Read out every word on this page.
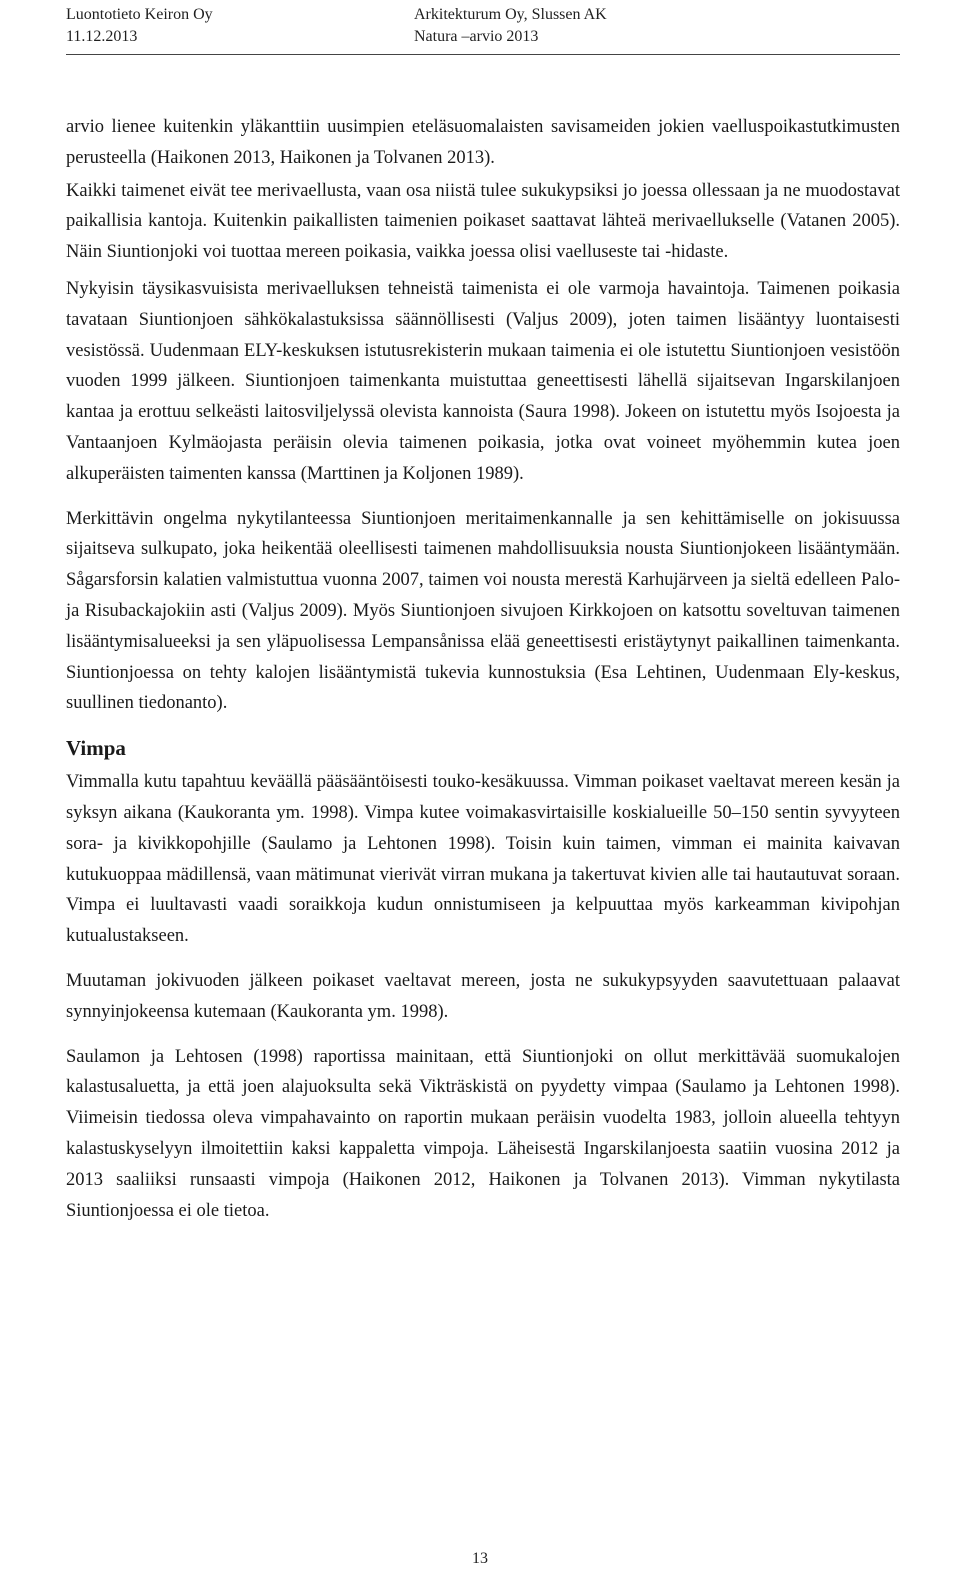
Luontotieto Keiron Oy
11.12.2013
Arkitekturum Oy, Slussen AK
Natura –arvio 2013

arvio lienee kuitenkin yläkanttiin uusimpien eteläsuomalaisten savisameiden jokien vaelluspoikastutkimusten perusteella (Haikonen 2013, Haikonen ja Tolvanen 2013).

Kaikki taimenet eivät tee merivaellusta, vaan osa niistä tulee sukukypsiksi jo joessa ollessaan ja ne muodostavat paikallisia kantoja. Kuitenkin paikallisten taimenien poikaset saattavat lähteä merivaellukselle (Vatanen 2005). Näin Siuntionjoki voi tuottaa mereen poikasia, vaikka joessa olisi vaelluseste tai -hidaste.

Nykyisin täysikasvuisista merivaelluksen tehneistä taimenista ei ole varmoja havaintoja. Taimenen poikasia tavataan Siuntionjoen sähkökalastuksissa säännöllisesti (Valjus 2009), joten taimen lisääntyy luontaisesti vesistössä. Uudenmaan ELY-keskuksen istutusrekisterin mukaan taimenia ei ole istutettu Siuntionjoen vesistöön vuoden 1999 jälkeen. Siuntionjoen taimenkanta muistuttaa geneettisesti lähellä sijaitsevan Ingarskilanjoen kantaa ja erottuu selkeästi laitosviljelyssä olevista kannoista (Saura 1998). Jokeen on istutettu myös Isojoesta ja Vantaanjoen Kylmäojasta peräisin olevia taimenen poikasia, jotka ovat voineet myöhemmin kutea joen alkuperäisten taimenten kanssa (Marttinen ja Koljonen 1989).

Merkittävin ongelma nykytilanteessa Siuntionjoen meritaimenkannalle ja sen kehittämiselle on jokisuussa sijaitseva sulkupato, joka heikentää oleellisesti taimenen mahdollisuuksia nousta Siuntionjokeen lisääntymään. Sågarsforsin kalatien valmistuttua vuonna 2007, taimen voi nousta merestä Karhujärveen ja sieltä edelleen Palo- ja Risubackajokiin asti (Valjus 2009). Myös Siuntionjoen sivujoen Kirkkojoen on katsottu soveltuvan taimenen lisääntymisalueeksi ja sen yläpuolisessa Lempansånissa elää geneettisesti eristäytynyt paikallinen taimenkanta. Siuntionjoessa on tehty kalojen lisääntymistä tukevia kunnostuksia (Esa Lehtinen, Uudenmaan Ely-keskus, suullinen tiedonanto).

Vimpa

Vimmalla kutu tapahtuu keväällä pääsääntöisesti touko-kesäkuussa. Vimman poikaset vaeltavat mereen kesän ja syksyn aikana (Kaukoranta ym. 1998). Vimpa kutee voimakasvirtaisille koskialueille 50–150 sentin syvyyteen sora- ja kivikkopohjille (Saulamo ja Lehtonen 1998). Toisin kuin taimen, vimman ei mainita kaivavan kutukuoppaa mädillensä, vaan mätimunat vierivät virran mukana ja takertuvat kivien alle tai hautautuvat soraan. Vimpa ei luultavasti vaadi soraikkoja kudun onnistumiseen ja kelpuuttaa myös karkeamman kivipohjan kutualustakseen.

Muutaman jokivuoden jälkeen poikaset vaeltavat mereen, josta ne sukukypsyyden saavutettuaan palaavat synnyinjokeensa kutemaan (Kaukoranta ym. 1998).

Saulamon ja Lehtosen (1998) raportissa mainitaan, että Siuntionjoki on ollut merkittävää suomukalojen kalastusaluetta, ja että joen alajuoksulta sekä Vikträskistä on pyydetty vimpaa (Saulamo ja Lehtonen 1998). Viimeisin tiedossa oleva vimpahavainto on raportin mukaan peräisin vuodelta 1983, jolloin alueella tehtyyn kalastuskyselyyn ilmoitettiin kaksi kappaletta vimpoja. Läheisestä Ingarskilanjoesta saatiin vuosina 2012 ja 2013 saaliiksi runsaasti vimpoja (Haikonen 2012, Haikonen ja Tolvanen 2013). Vimman nykytilasta Siuntionjoessa ei ole tietoa.

13
